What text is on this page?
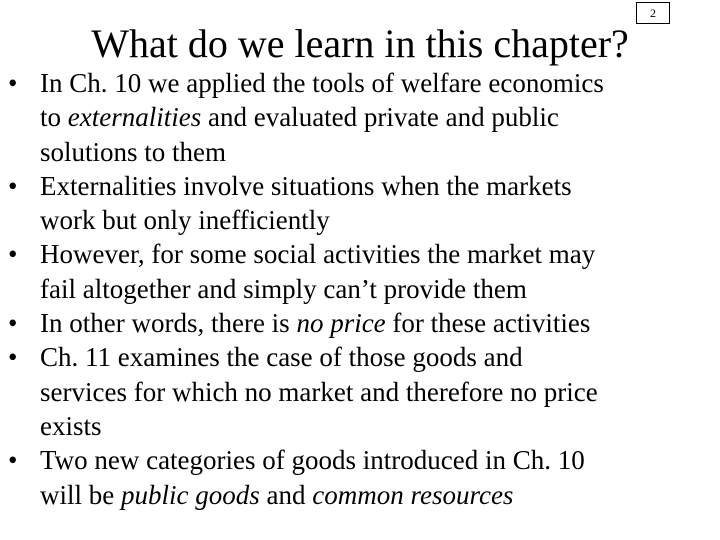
2
What do we learn in this chapter?
• In Ch. 10 we applied the tools of welfare economics
to externalities and evaluated private and public
solutions to them
• Externalities involve situations when the markets
work but only inefficiently
• However, for some social activities the market may
fail altogether and simply can’t provide them
• In other words, there is no price for these activities
• Ch. 11 examines the case of those goods and
services for which no market and therefore no price
exists
• Two new categories of goods introduced in Ch. 10
will be public goods and common resources
